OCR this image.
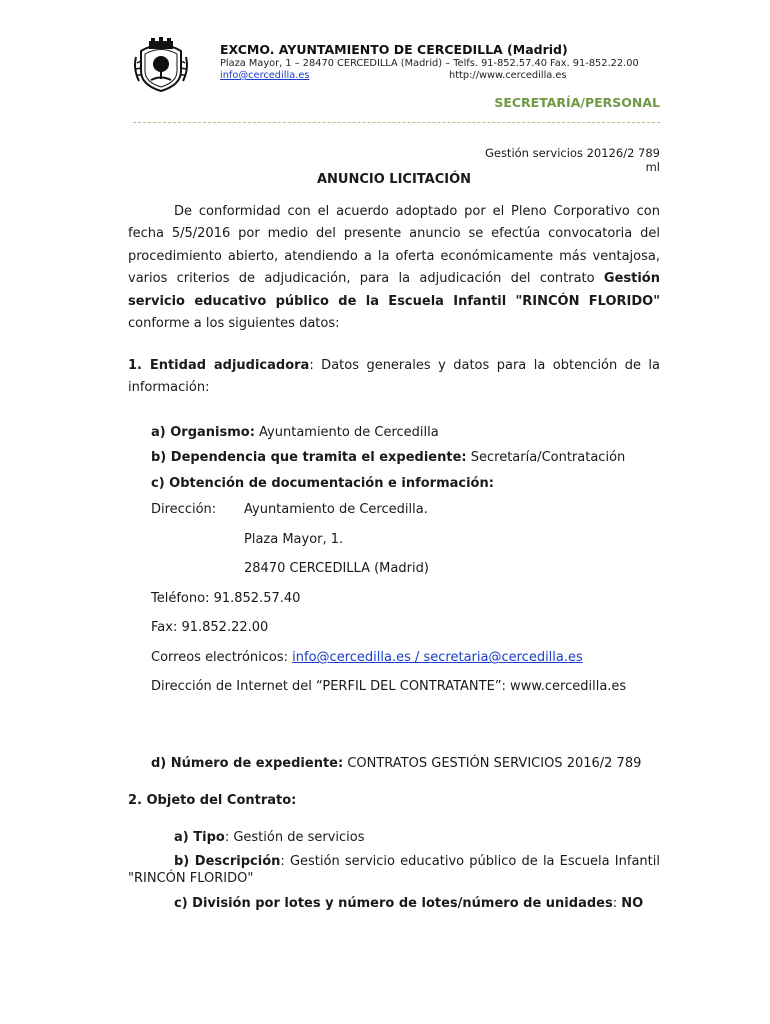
EXCMO. AYUNTAMIENTO DE CERCEDILLA (Madrid)
Plaza Mayor, 1 – 28470 CERCEDILLA (Madrid) – Telfs. 91-852.57.40 Fax. 91-852.22.00
info@cercedilla.es	http://www.cercedilla.es
SECRETARÍA/PERSONAL
Gestión servicios 20126/2 789
ml
ANUNCIO LICITACIÓN

De conformidad con el acuerdo adoptado por el Pleno Corporativo con fecha 5/5/2016 por medio del presente anuncio se efectúa convocatoria del procedimiento abierto, atendiendo a la oferta económicamente más ventajosa, varios criterios de adjudicación, para la adjudicación del contrato Gestión servicio educativo público de la Escuela Infantil "RINCÓN FLORIDO" conforme a los siguientes datos:

1. Entidad adjudicadora: Datos generales y datos para la obtención de la información:

a) Organismo: Ayuntamiento de Cercedilla
b) Dependencia que tramita el expediente: Secretaría/Contratación
c) Obtención de documentación e información:
Dirección: Ayuntamiento de Cercedilla.
Plaza Mayor, 1.
28470 CERCEDILLA (Madrid)
Teléfono: 91.852.57.40
Fax: 91.852.22.00
Correos electrónicos: info@cercedilla.es / secretaria@cercedilla.es
Dirección de Internet del “PERFIL DEL CONTRATANTE”: www.cercedilla.es
d) Número de expediente: CONTRATOS GESTIÓN SERVICIOS 2016/2 789
2. Objeto del Contrato:
a) Tipo: Gestión de servicios

b) Descripción: Gestión servicio educativo público de la Escuela Infantil "RINCÓN FLORIDO"

c) División por lotes y número de lotes/número de unidades: NO
